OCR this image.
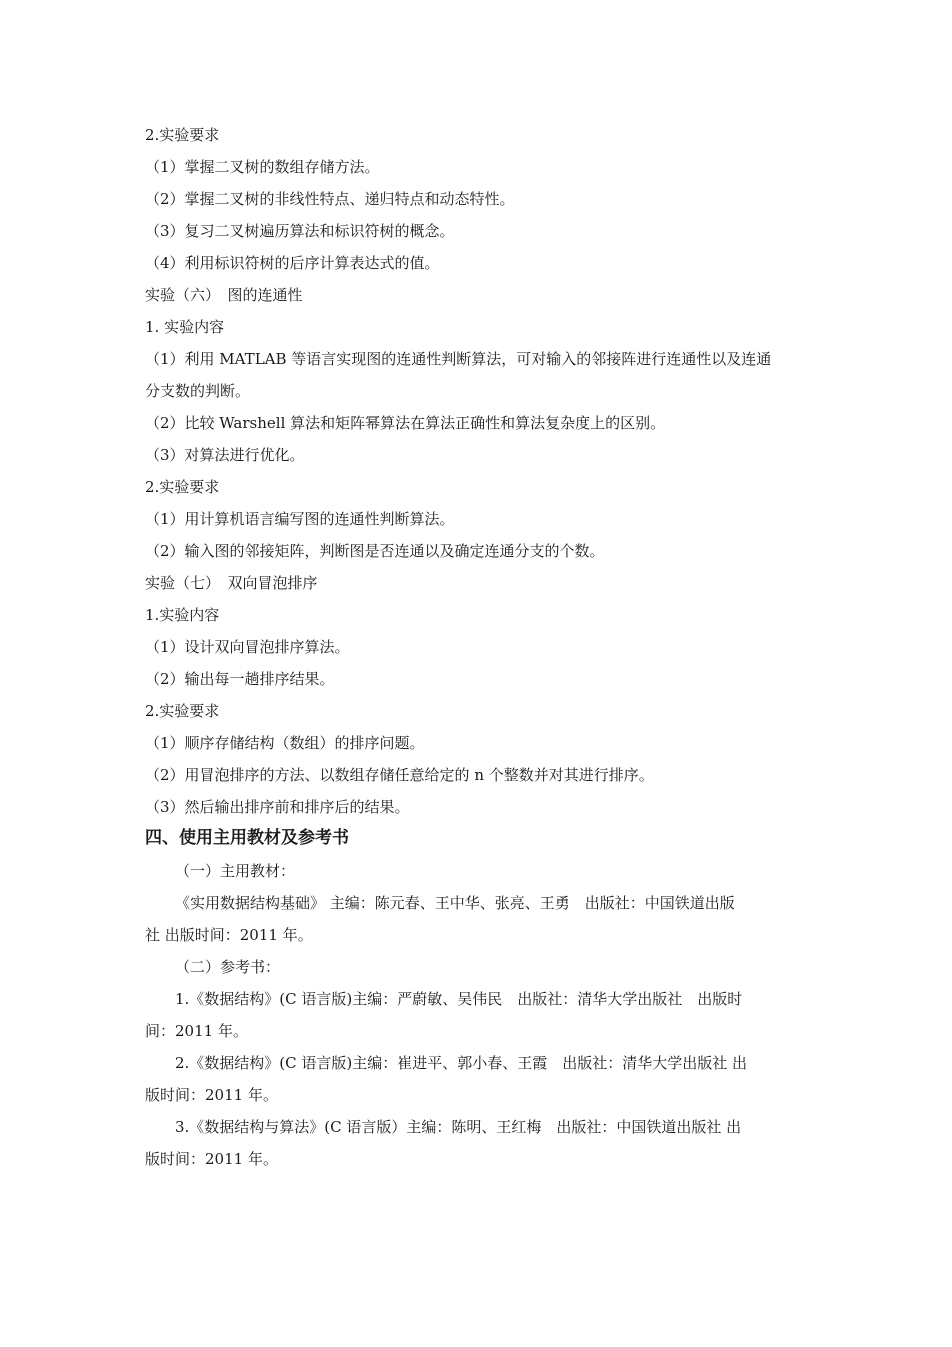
2.实验要求
（1）掌握二叉树的数组存储方法。
（2）掌握二叉树的非线性特点、递归特点和动态特性。
（3）复习二叉树遍历算法和标识符树的概念。
（4）利用标识符树的后序计算表达式的值。
实验（六）　图的连通性
1. 实验内容
（1）利用 MATLAB 等语言实现图的连通性判断算法，可对输入的邻接阵进行连通性以及连通
分支数的判断。
（2）比较 Warshell 算法和矩阵幂算法在算法正确性和算法复杂度上的区别。
（3）对算法进行优化。
2.实验要求
（1）用计算机语言编写图的连通性判断算法。
（2）输入图的邻接矩阵，判断图是否连通以及确定连通分支的个数。
实验（七）　双向冒泡排序
1.实验内容
（1）设计双向冒泡排序算法。
（2）输出每一趟排序结果。
2.实验要求
（1）顺序存储结构（数组）的排序问题。
（2）用冒泡排序的方法、以数组存储任意给定的 n 个整数并对其进行排序。
（3）然后输出排序前和排序后的结果。
四、使用主用教材及参考书
（一）主用教材：
《实用数据结构基础》 主编：陈元春、王中华、张亮、王勇　出版社：中国铁道出版
社 出版时间：2011 年。
（二）参考书：
1.《数据结构》(C 语言版)主编：严蔚敏、吴伟民　出版社：清华大学出版社　出版时
间：2011 年。
2.《数据结构》(C 语言版)主编：崔进平、郭小春、王霞　出版社：清华大学出版社 出
版时间：2011 年。
3.《数据结构与算法》(C 语言版）主编：陈明、王红梅　出版社：中国铁道出版社 出
版时间：2011 年。
